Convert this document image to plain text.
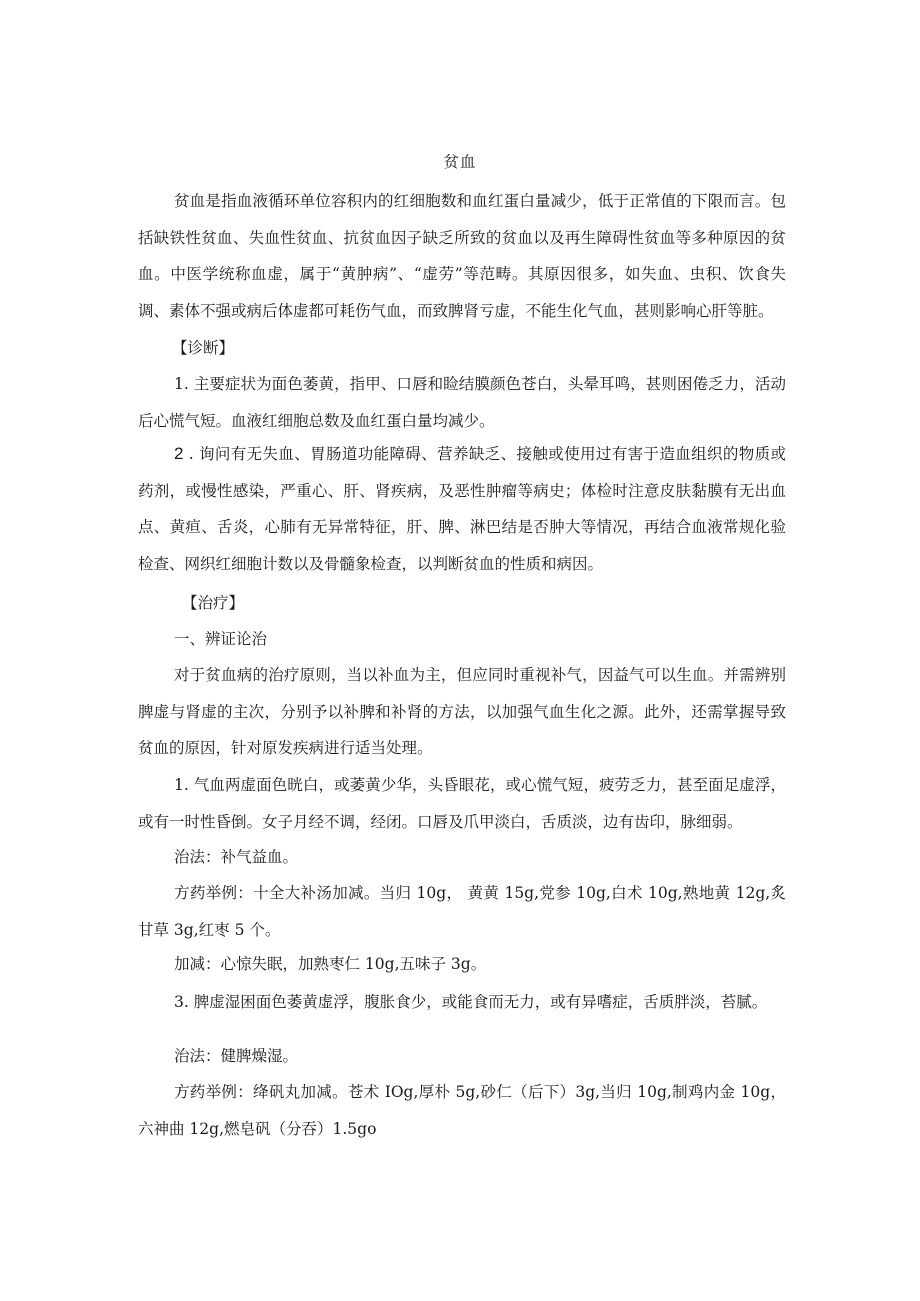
贫血

贫血是指血液循环单位容积内的红细胞数和血红蛋白量减少，低于正常值的下限而言。包括缺铁性贫血、失血性贫血、抗贫血因子缺乏所致的贫血以及再生障碍性贫血等多种原因的贫血。中医学统称血虚，属于“黄肿病”、“虚劳”等范畴。其原因很多，如失血、虫积、饮食失调、素体不强或病后体虚都可耗伤气血，而致脾肾亏虚，不能生化气血，甚则影响心肝等脏。

【诊断】

1. 主要症状为面色萎黄，指甲、口唇和睑结膜颜色苍白，头晕耳鸣，甚则困倦乏力，活动后心慌气短。血液红细胞总数及血红蛋白量均减少。

2 . 询问有无失血、胃肠道功能障碍、营养缺乏、接触或使用过有害于造血组织的物质或药剂，或慢性感染，严重心、肝、肾疾病，及恶性肿瘤等病史；体检时注意皮肤黏膜有无出血点、黄疸、舌炎，心肺有无异常特征，肝、脾、淋巴结是否肿大等情况，再结合血液常规化验检查、网织红细胞计数以及骨髓象检查，以判断贫血的性质和病因。

【治疗】

一、辨证论治

对于贫血病的治疗原则，当以补血为主，但应同时重视补气，因益气可以生血。并需辨别脾虚与肾虚的主次，分别予以补脾和补肾的方法，以加强气血生化之源。此外，还需掌握导致贫血的原因，针对原发疾病进行适当处理。

1. 气血两虚面色晄白，或萎黄少华，头昏眼花，或心慌气短，疲劳乏力，甚至面足虚浮，或有一时性昏倒。女子月经不调，经闭。口唇及爪甲淡白，舌质淡，边有齿印，脉细弱。

治法：补气益血。

方药举例：十全大补汤加减。当归 10g， 黄黄 15g,党参 10g,白术 10g,熟地黄 12g,炙甘草 3g,红枣 5 个。

加减：心惊失眠，加熟枣仁 10g,五味子 3g。

3. 脾虚湿困面色萎黄虚浮，腹胀食少，或能食而无力，或有异嗜症，舌质胖淡，苔腻。

治法：健脾燥湿。

方药举例：绛矾丸加减。苍术 IOg,厚朴 5g,砂仁（后下）3g,当归 10g,制鸡内金 10g， 六神曲 12g,燃皂矾（分吞）1.5go
